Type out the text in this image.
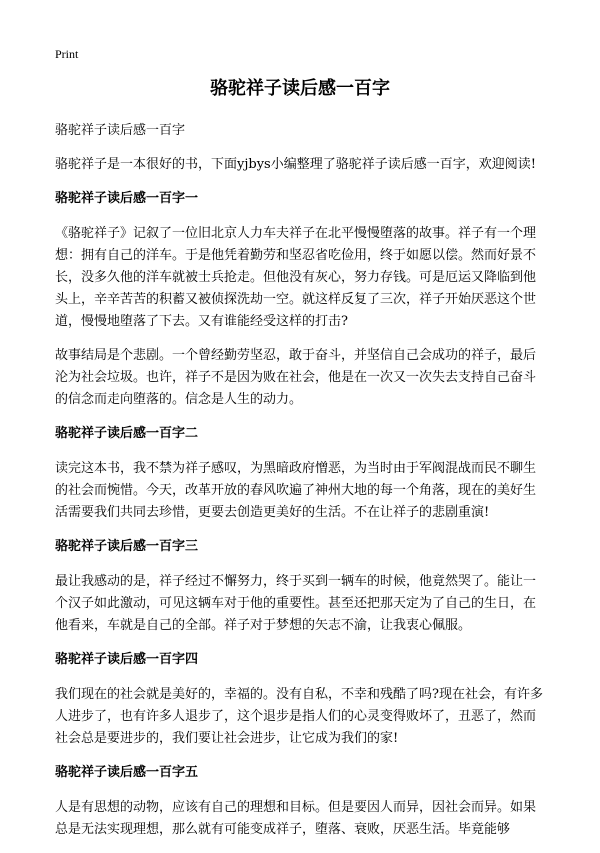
Print
骆驼祥子读后感一百字
骆驼祥子读后感一百字
骆驼祥子是一本很好的书，下面yjbys小编整理了骆驼祥子读后感一百字，欢迎阅读!
骆驼祥子读后感一百字一
《骆驼祥子》记叙了一位旧北京人力车夫祥子在北平慢慢堕落的故事。祥子有一个理想：拥有自己的洋车。于是他凭着勤劳和坚忍省吃俭用，终于如愿以偿。然而好景不长，没多久他的洋车就被士兵抢走。但他没有灰心，努力存钱。可是厄运又降临到他头上，辛辛苦苦的积蓄又被侦探洗劫一空。就这样反复了三次，祥子开始厌恶这个世道，慢慢地堕落了下去。又有谁能经受这样的打击?
故事结局是个悲剧。一个曾经勤劳坚忍，敢于奋斗，并坚信自己会成功的祥子，最后沦为社会垃圾。也许，祥子不是因为败在社会，他是在一次又一次失去支持自己奋斗的信念而走向堕落的。信念是人生的动力。
骆驼祥子读后感一百字二
读完这本书，我不禁为祥子感叹，为黑暗政府憎恶，为当时由于军阀混战而民不聊生的社会而惋惜。今天，改革开放的春风吹遍了神州大地的每一个角落，现在的美好生活需要我们共同去珍惜，更要去创造更美好的生活。不在让祥子的悲剧重演!
骆驼祥子读后感一百字三
最让我感动的是，祥子经过不懈努力，终于买到一辆车的时候，他竟然哭了。能让一个汉子如此激动，可见这辆车对于他的重要性。甚至还把那天定为了自己的生日，在他看来，车就是自己的全部。祥子对于梦想的矢志不渝，让我衷心佩服。
骆驼祥子读后感一百字四
我们现在的社会就是美好的，幸福的。没有自私，不幸和残酷了吗?现在社会，有许多人进步了，也有许多人退步了，这个退步是指人们的心灵变得败坏了，丑恶了，然而社会总是要进步的，我们要让社会进步，让它成为我们的家!
骆驼祥子读后感一百字五
人是有思想的动物，应该有自己的理想和目标。但是要因人而异，因社会而异。如果总是无法实现理想，那么就有可能变成祥子，堕落、衰败，厌恶生活。毕竟能够
